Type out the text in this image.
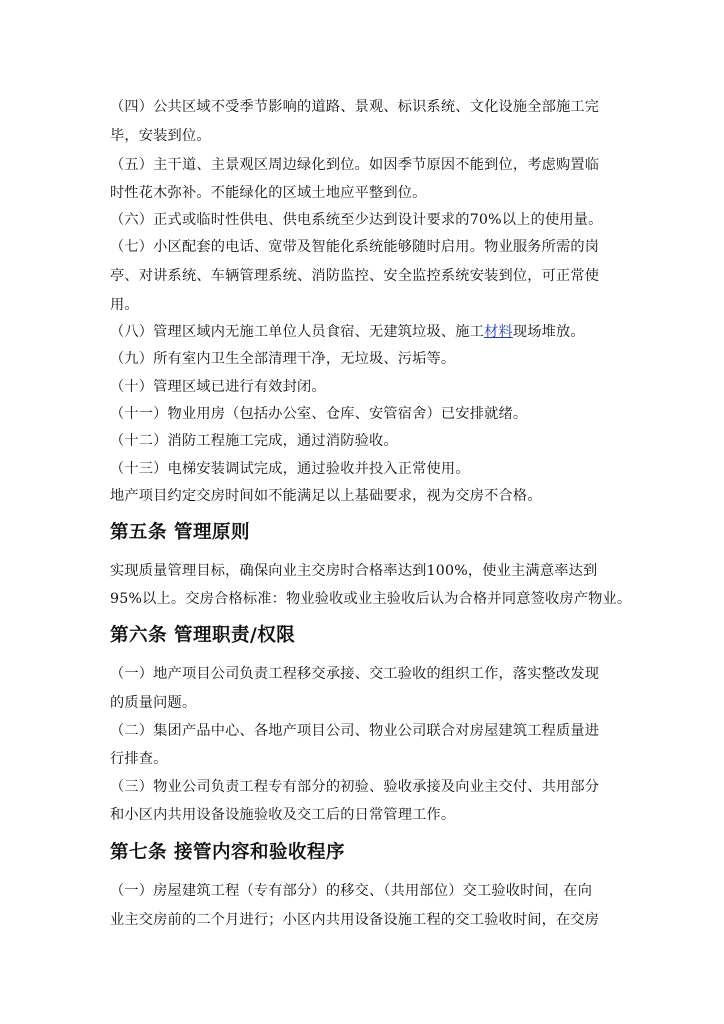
（四）公共区域不受季节影响的道路、景观、标识系统、文化设施全部施工完
毕，安装到位。
（五）主干道、主景观区周边绿化到位。如因季节原因不能到位，考虑购置临
时性花木弥补。不能绿化的区域土地应平整到位。
（六）正式或临时性供电、供电系统至少达到设计要求的70%以上的使用量。
（七）小区配套的电话、宽带及智能化系统能够随时启用。物业服务所需的岗
亭、对讲系统、车辆管理系统、消防监控、安全监控系统安装到位，可正常使
用。
（八）管理区域内无施工单位人员食宿、无建筑垃圾、施工材料现场堆放。
（九）所有室内卫生全部清理干净，无垃圾、污垢等。
（十）管理区域已进行有效封闭。
（十一）物业用房（包括办公室、仓库、安管宿舍）已安排就绪。
（十二）消防工程施工完成，通过消防验收。
（十三）电梯安装调试完成，通过验收并投入正常使用。
地产项目约定交房时间如不能满足以上基础要求，视为交房不合格。
第五条 管理原则
实现质量管理目标，确保向业主交房时合格率达到100%，使业主满意率达到
95%以上。交房合格标准：物业验收或业主验收后认为合格并同意签收房产物业。
第六条 管理职责/权限
（一）地产项目公司负责工程移交承接、交工验收的组织工作，落实整改发现
的质量问题。
（二）集团产品中心、各地产项目公司、物业公司联合对房屋建筑工程质量进
行排查。
（三）物业公司负责工程专有部分的初验、验收承接及向业主交付、共用部分
和小区内共用设备设施验收及交工后的日常管理工作。
第七条 接管内容和验收程序
（一）房屋建筑工程（专有部分）的移交、（共用部位）交工验收时间，在向
业主交房前的二个月进行；小区内共用设备设施工程的交工验收时间，在交房
